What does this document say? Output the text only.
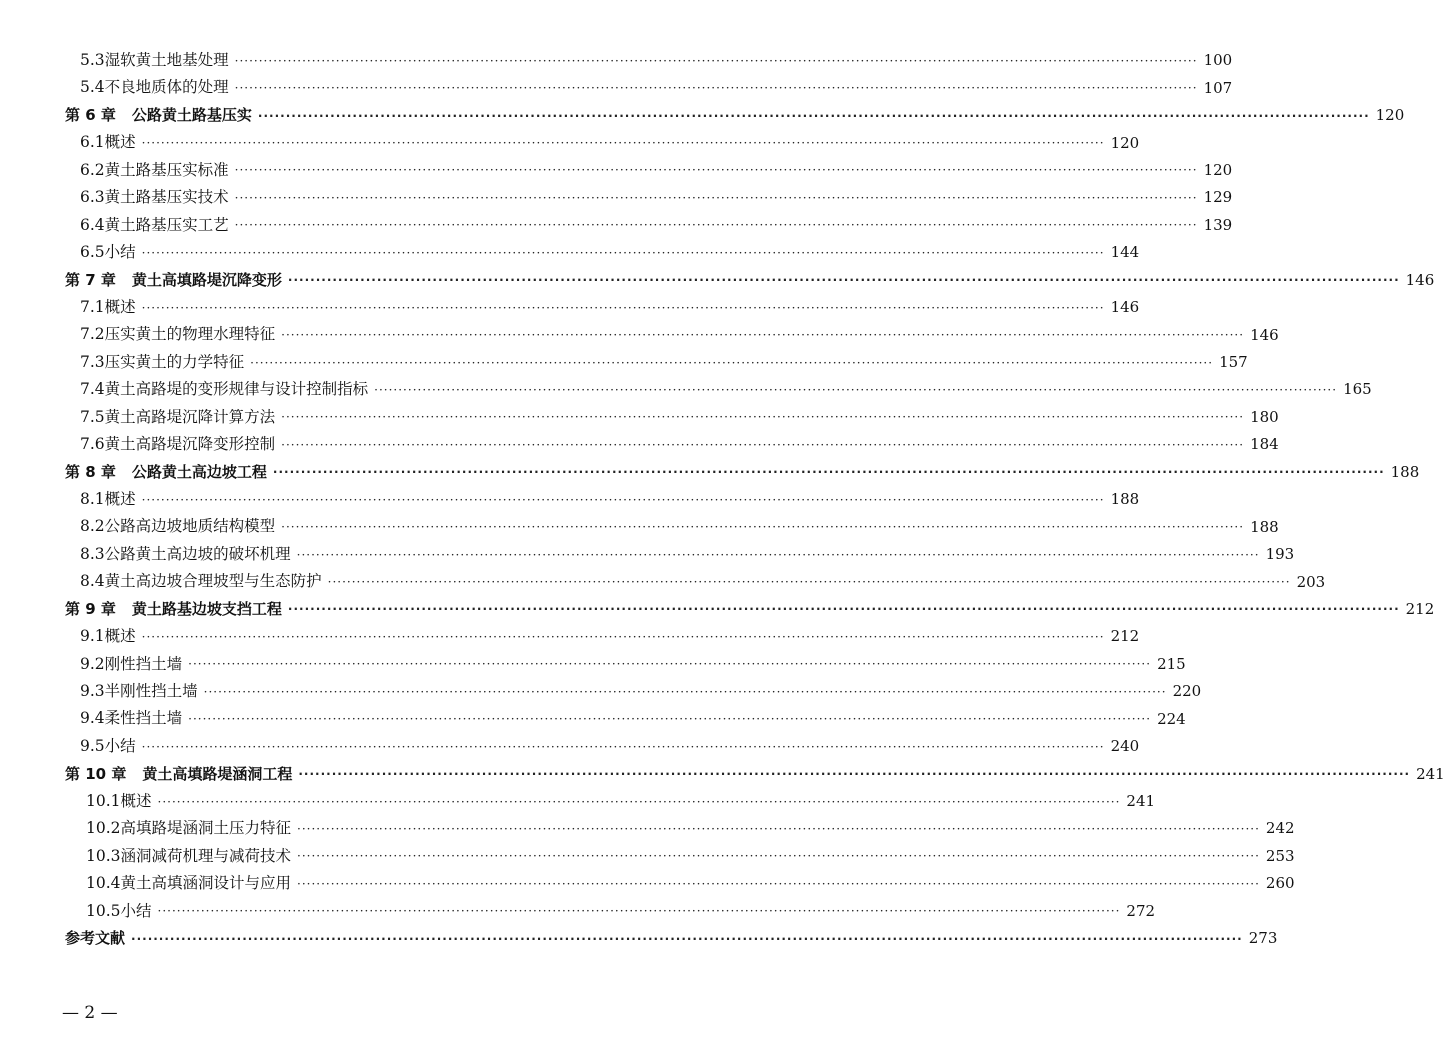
5.3 湿软黄土地基处理 ········································································································································································································ 100
5.4 不良地质体的处理 ········································································································································································································ 107
第 6 章 公路黄土路基压实 ········································································································································································································ 120
6.1 概述 ········································································································································································································ 120
6.2 黄土路基压实标准 ········································································································································································································ 120
6.3 黄土路基压实技术 ········································································································································································································ 129
6.4 黄土路基压实工艺 ········································································································································································································ 139
6.5 小结 ········································································································································································································ 144
第 7 章 黄土高填路堤沉降变形 ········································································································································································································ 146
7.1 概述 ········································································································································································································ 146
7.2 压实黄土的物理水理特征 ········································································································································································································ 146
7.3 压实黄土的力学特征 ········································································································································································································ 157
7.4 黄土高路堤的变形规律与设计控制指标 ········································································································································································································ 165
7.5 黄土高路堤沉降计算方法 ········································································································································································································ 180
7.6 黄土高路堤沉降变形控制 ········································································································································································································ 184
第 8 章 公路黄土高边坡工程 ········································································································································································································ 188
8.1 概述 ········································································································································································································ 188
8.2 公路高边坡地质结构模型 ········································································································································································································ 188
8.3 公路黄土高边坡的破坏机理 ········································································································································································································ 193
8.4 黄土高边坡合理坡型与生态防护 ········································································································································································································ 203
第 9 章 黄土路基边坡支挡工程 ········································································································································································································ 212
9.1 概述 ········································································································································································································ 212
9.2 刚性挡土墙 ········································································································································································································ 215
9.3 半刚性挡土墙 ········································································································································································································ 220
9.4 柔性挡土墙 ········································································································································································································ 224
9.5 小结 ········································································································································································································ 240
第 10 章 黄土高填路堤涵洞工程 ········································································································································································································ 241
10.1 概述 ········································································································································································································ 241
10.2 高填路堤涵洞土压力特征 ········································································································································································································ 242
10.3 涵洞减荷机理与减荷技术 ········································································································································································································ 253
10.4 黄土高填涵洞设计与应用 ········································································································································································································ 260
10.5 小结 ········································································································································································································ 272
参考文献 ········································································································································································································ 273
— 2 —
